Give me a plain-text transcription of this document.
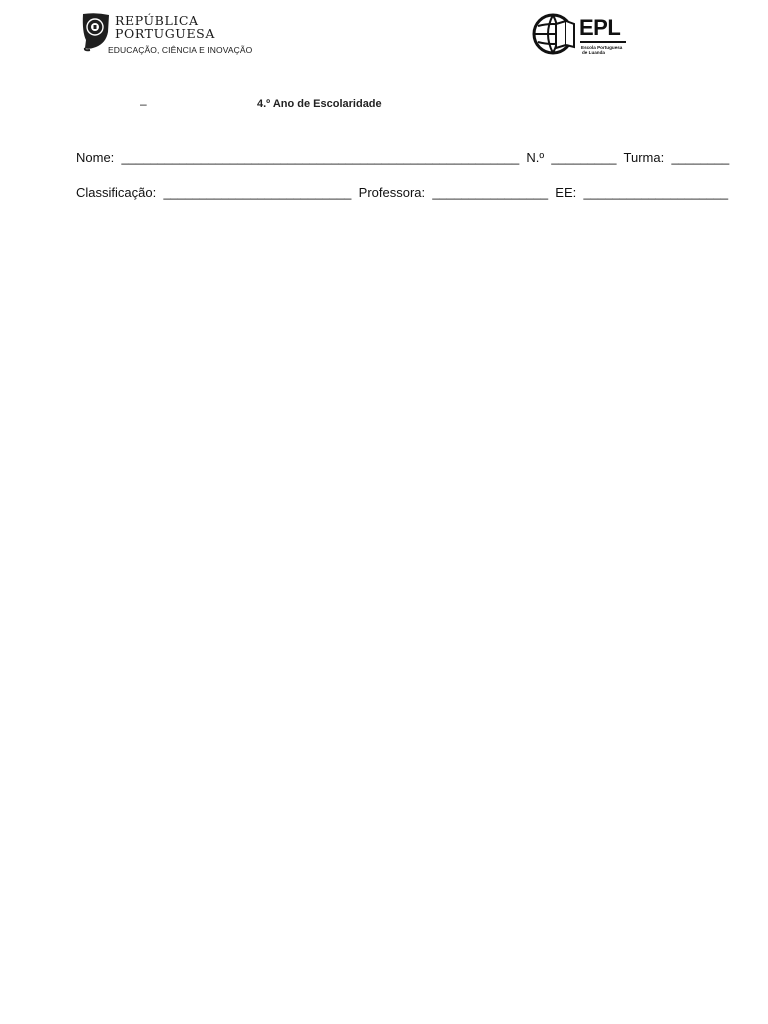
REPÚBLICA
PORTUGUESA
EDUCAÇÃO, CIÊNCIA E INOVAÇÃO
EPL
Escola Portuguesa
de Luanda
–	4.º Ano de Escolaridade
Nome:  _______________________________________________________  N.º  _________  Turma:  ________
Classificação:  __________________________  Professora:  ________________  EE:  ____________________
